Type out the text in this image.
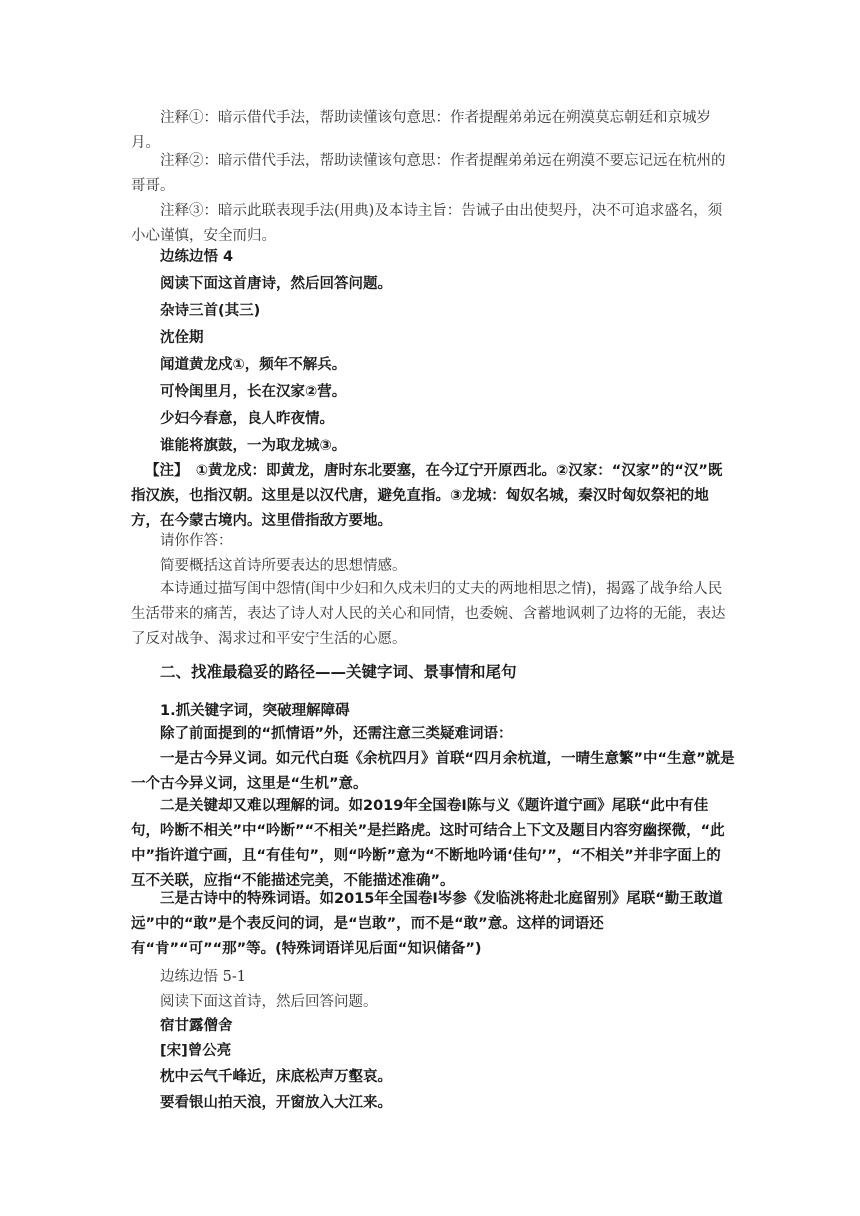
注释①：暗示借代手法，帮助读懂该句意思：作者提醒弟弟远在朔漠莫忘朝廷和京城岁月。

注释②：暗示借代手法，帮助读懂该句意思：作者提醒弟弟远在朔漠不要忘记远在杭州的哥哥。

注释③：暗示此联表现手法(用典)及本诗主旨：告诫子由出使契丹，决不可追求盛名，须小心谨慎，安全而归。

边练边悟 4

阅读下面这首唐诗，然后回答问题。

杂诗三首(其三)

沈佺期

闻道黄龙戍①，频年不解兵。

可怜闺里月，长在汉家②营。

少妇今春意，良人昨夜情。

谁能将旗鼓，一为取龙城③。

【注】　①黄龙戍：即黄龙，唐时东北要塞，在今辽宁开原西北。②汉家：“汉家”的“汉”既指汉族，也指汉朝。这里是以汉代唐，避免直指。③龙城：匈奴名城，秦汉时匈奴祭祀的地方，在今蒙古境内。这里借指敌方要地。

请你作答：

简要概括这首诗所要表达的思想情感。

本诗通过描写闺中怨情(闺中少妇和久戍未归的丈夫的两地相思之情)，揭露了战争给人民生活带来的痛苦，表达了诗人对人民的关心和同情，也委婉、含蓄地讽刺了边将的无能，表达了反对战争、渴求过和平安宁生活的心愿。

二、找准最稳妥的路径——关键字词、景事情和尾句

1.抓关键字词，突破理解障碍

除了前面提到的“抓情语”外，还需注意三类疑难词语：

一是古今异义词。如元代白珽《余杭四月》首联“四月余杭道，一晴生意繁”中“生意”就是一个古今异义词，这里是“生机”意。

二是关键却又难以理解的词。如2019年全国卷Ⅰ陈与义《题许道宁画》尾联“此中有佳句，吟断不相关”中“吟断”“不相关”是拦路虎。这时可结合上下文及题目内容穷幽探微，“此中”指许道宁画，且“有佳句”，则“吟断”意为“不断地吟诵‘佳句’”，“不相关”并非字面上的互不关联，应指“不能描述完美，不能描述准确”。

三是古诗中的特殊词语。如2015年全国卷Ⅰ岑参《发临洮将赴北庭留别》尾联“勤王敢道远”中的“敢”是个表反问的词，是“岂敢”，而不是“敢”意。这样的词语还有“肯”“可”“那”等。(特殊词语详见后面“知识储备”)

边练边悟 5-1

阅读下面这首诗，然后回答问题。

宿甘露僧舍

[宋]曾公亮

枕中云气千峰近，床底松声万壑哀。

要看银山拍天浪，开窗放入大江来。
